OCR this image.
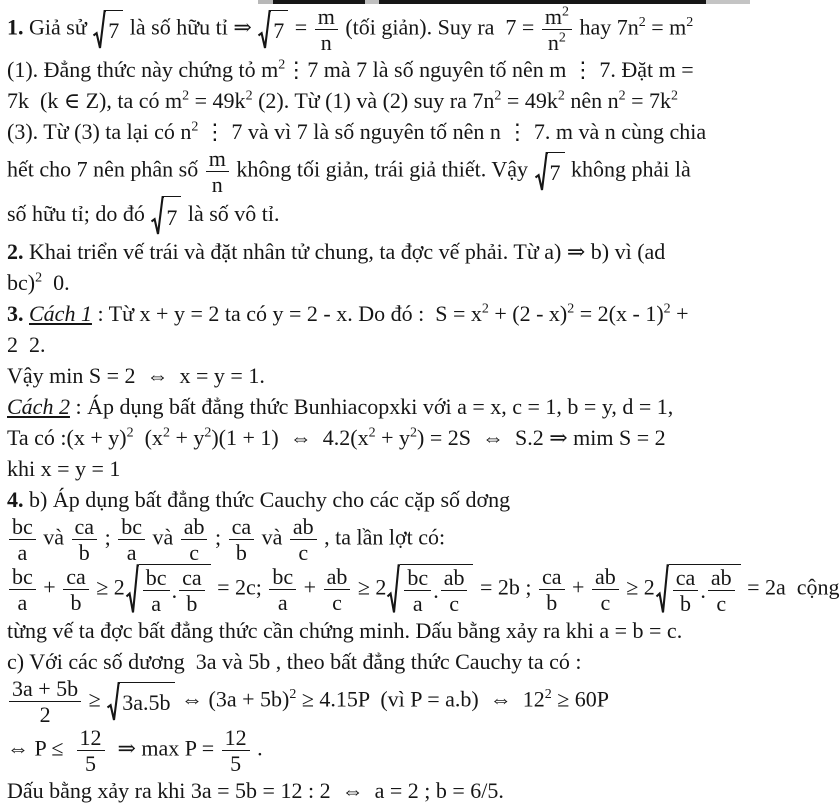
1. Giả sử 7 là số hữu tỉ ⇒ $7 = \frac{m}{n}$ (tối giản). Suy ra  $7 = \frac{m^2}{n^2}$ hay $7n^2 = m^2$
(1). Đẳng thức này chứng tỏ $m^2⋮7$ mà 7 là số nguyên tố nên m ⋮ 7. Đặt m =
7k  (k ∈ Z), ta có $m^2 = 49k^2$ (2). Từ (1) và (2) suy ra $7n^2 = 49k^2$ nên $n^2 = 7k^2$
(3). Từ (3) ta lại có $n^2$ ⋮ 7 và vì 7 là số nguyên tố nên n ⋮ 7. m và n cùng chia
hết cho 7 nên phân số $\frac{m}{n}$ không tối giản, trái giả thiết. Vậy 7 không phải là
số hữu tỉ; do đó 7 là số vô tỉ.
2. Khai triển vế trái và đặt nhân tử chung, ta đợc vế phải. Từ a) ⇒ b) vì (ad
bc)$^2$  0.
3. Cách 1 : Từ x + y = 2 ta có y = 2 - x. Do đó :  $S = x^2 + (2 - x)^2 = 2(x - 1)^2$ +
2  2.
Vậy min S = 2  ⇔  x = y = 1.
Cách 2 : Áp dụng bất đẳng thức Bunhiacopxki với a = x, c = 1, b = y, d = 1,
Ta có :(x + y)$^2$  $(x^2 + y^2)(1 + 1)$  ⇔  $4.2(x^2 + y^2) = 2S$  ⇔  S.2 ⇒ mim S = 2
khi x = y = 1
4. b) Áp dụng bất đẳng thức Cauchy cho các cặp số dơng
$\frac{bc}{a}$ và $\frac{ca}{b}$ ; $\frac{bc}{a}$ và $\frac{ab}{c}$ ; $\frac{ca}{b}$ và $\frac{ab}{c}$ , ta lần lợt có:
$\frac{bc}{a} + \frac{ca}{b} \ge 2 \frac{bc}{a}$ . $\frac{ca}{b} = 2c$; $\frac{bc}{a} + \frac{ab}{c} \ge 2 \frac{bc}{a}$ . $\frac{ab}{c} = 2b$ ; $\frac{ca}{b} + \frac{ab}{c} \ge 2 \frac{ca}{b}$ . $\frac{ab}{c} = 2a$  cộng
từng vế ta đợc bất đẳng thức cần chứng minh. Dấu bằng xảy ra khi a = b = c.
c) Với các số dương  3a và 5b , theo bất đẳng thức Cauchy ta có :
$\frac{3a + 5b}{2} \ge 3a.5b$ ⇔ $(3a + 5b)^2 \ge 4.15P$  (vì P = a.b)  ⇔  $12^2 \ge 60P$
⇔ $P \le \frac{12}{5}$ ⇒ $\max P = \frac{12}{5}$ .
Dấu bằng xảy ra khi 3a = 5b = 12 : 2  ⇔  a = 2 ; b = 6/5.
